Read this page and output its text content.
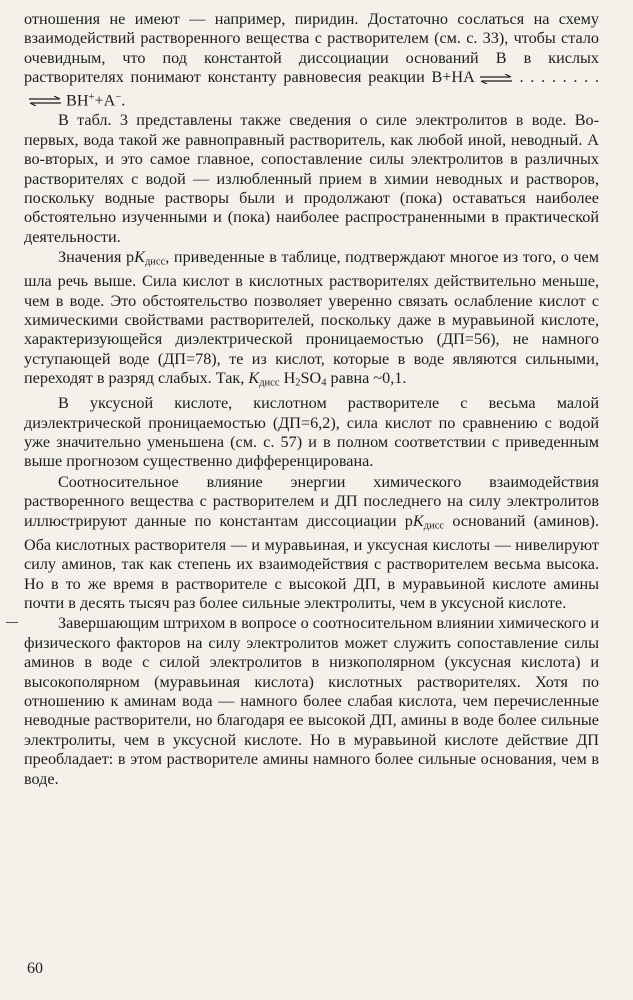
отношения не имеют — например, пиридин. Достаточно сослаться на схему взаимодействий растворенного вещества с растворителем (см. с. 33), чтобы стало очевидным, что под константой диссоциации оснований В в кислых растворителях понимают константу равновесия реакции В+НА ⇌ . . . . . . . . ⇌ ВН++А−.

В табл. 3 представлены также сведения о силе электролитов в воде. Во-первых, вода такой же равноправный растворитель, как любой иной, неводный. А во-вторых, и это самое главное, сопоставление силы электролитов в различных растворителях с водой — излюбленный прием в химии неводных и растворов, поскольку водные растворы были и продолжают (пока) оставаться наиболее обстоятельно изученными и (пока) наиболее распространенными в практической деятельности.

Значения $рK_{дисс}$, приведенные в таблице, подтверждают многое из того, о чем шла речь выше. Сила кислот в кислотных растворителях действительно меньше, чем в воде. Это обстоятельство позволяет уверенно связать ослабление кислот с химическими свойствами растворителей, поскольку даже в муравьиной кислоте, характеризующейся диэлектрической проницаемостью (ДП=56), не намного уступающей воде (ДП=78), те из кислот, которые в воде являются сильными, переходят в разряд слабых. Так, $K_{дисс}$ $H_2SO_4$ равна ~0,1.

В уксусной кислоте, кислотном растворителе с весьма малой диэлектрической проницаемостью (ДП=6,2), сила кислот по сравнению с водой уже значительно уменьшена (см. с. 57) и в полном соответствии с приведенным выше прогнозом существенно дифференцирована.

Соотносительное влияние энергии химического взаимодействия растворенного вещества с растворителем и ДП последнего на силу электролитов иллюстрируют данные по константам диссоциации $рK_{дисс}$ оснований (аминов). Оба кислотных растворителя — и муравьиная, и уксусная кислоты — нивелируют силу аминов, так как степень их взаимодействия с растворителем весьма высока. Но в то же время в растворителе с высокой ДП, в муравьиной кислоте амины почти в десять тысяч раз более сильные электролиты, чем в уксусной кислоте.

Завершающим штрихом в вопросе о соотносительном влиянии химического и физического факторов на силу электролитов может служить сопоставление силы аминов в воде с силой электролитов в низкополярном (уксусная кислота) и высокополярном (муравьиная кислота) кислотных растворителях. Хотя по отношению к аминам вода — намного более слабая кислота, чем перечисленные неводные растворители, но благодаря ее высокой ДП, амины в воде более сильные электролиты, чем в уксусной кислоте. Но в муравьиной кислоте действие ДП преобладает: в этом растворителе амины намного более сильные основания, чем в воде.

60
